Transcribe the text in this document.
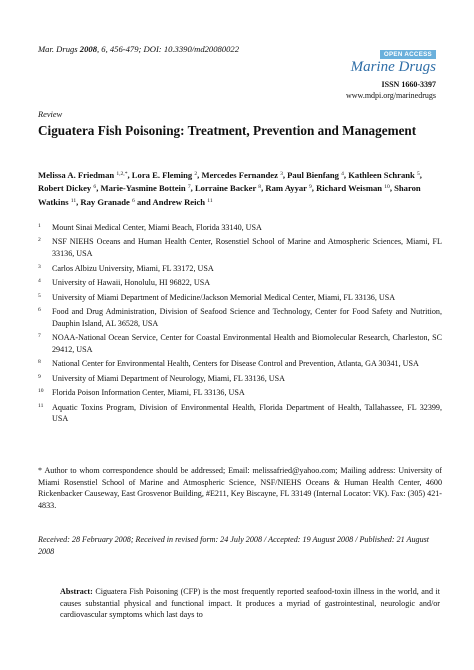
Mar. Drugs 2008, 6, 456-479; DOI: 10.3390/md20080022
OPEN ACCESS
Marine Drugs
ISSN 1660-3397
www.mdpi.org/marinedrugs
Review
Ciguatera Fish Poisoning: Treatment, Prevention and Management
Melissa A. Friedman $^{1,2,*}$, Lora E. Fleming $^2$, Mercedes Fernandez $^3$, Paul Bienfang $^4$, Kathleen Schrank $^5$, Robert Dickey $^6$, Marie-Yasmine Bottein $^7$, Lorraine Backer $^8$, Ram Ayyar $^9$, Richard Weisman $^{10}$, Sharon Watkins $^{11}$, Ray Granade $^6$ and Andrew Reich $^{11}$
1	Mount Sinai Medical Center, Miami Beach, Florida 33140, USA
2	NSF NIEHS Oceans and Human Health Center, Rosenstiel School of Marine and Atmospheric Sciences, Miami, FL 33136, USA
3	Carlos Albizu University, Miami, FL 33172, USA
4	University of Hawaii, Honolulu, HI 96822, USA
5	University of Miami Department of Medicine/Jackson Memorial Medical Center, Miami, FL 33136, USA
6	Food and Drug Administration, Division of Seafood Science and Technology, Center for Food Safety and Nutrition, Dauphin Island, AL 36528, USA
7	NOAA-National Ocean Service, Center for Coastal Environmental Health and Biomolecular Research, Charleston, SC 29412, USA
8	National Center for Environmental Health, Centers for Disease Control and Prevention, Atlanta, GA 30341, USA
9	University of Miami Department of Neurology, Miami, FL 33136, USA
10	Florida Poison Information Center, Miami, FL 33136, USA
11	Aquatic Toxins Program, Division of Environmental Health, Florida Department of Health, Tallahassee, FL 32399, USA
* Author to whom correspondence should be addressed; Email: melissafried@yahoo.com; Mailing address: University of Miami Rosenstiel School of Marine and Atmospheric Science, NSF/NIEHS Oceans & Human Health Center, 4600 Rickenbacker Causeway, East Grosvenor Building, #E211, Key Biscayne, FL 33149 (Internal Locator: VK). Fax: (305) 421-4833.
Received: 28 February 2008; Received in revised form: 24 July 2008 / Accepted: 19 August 2008 / Published: 21 August 2008
Abstract: Ciguatera Fish Poisoning (CFP) is the most frequently reported seafood-toxin illness in the world, and it causes substantial physical and functional impact. It produces a myriad of gastrointestinal, neurologic and/or cardiovascular symptoms which last days to
